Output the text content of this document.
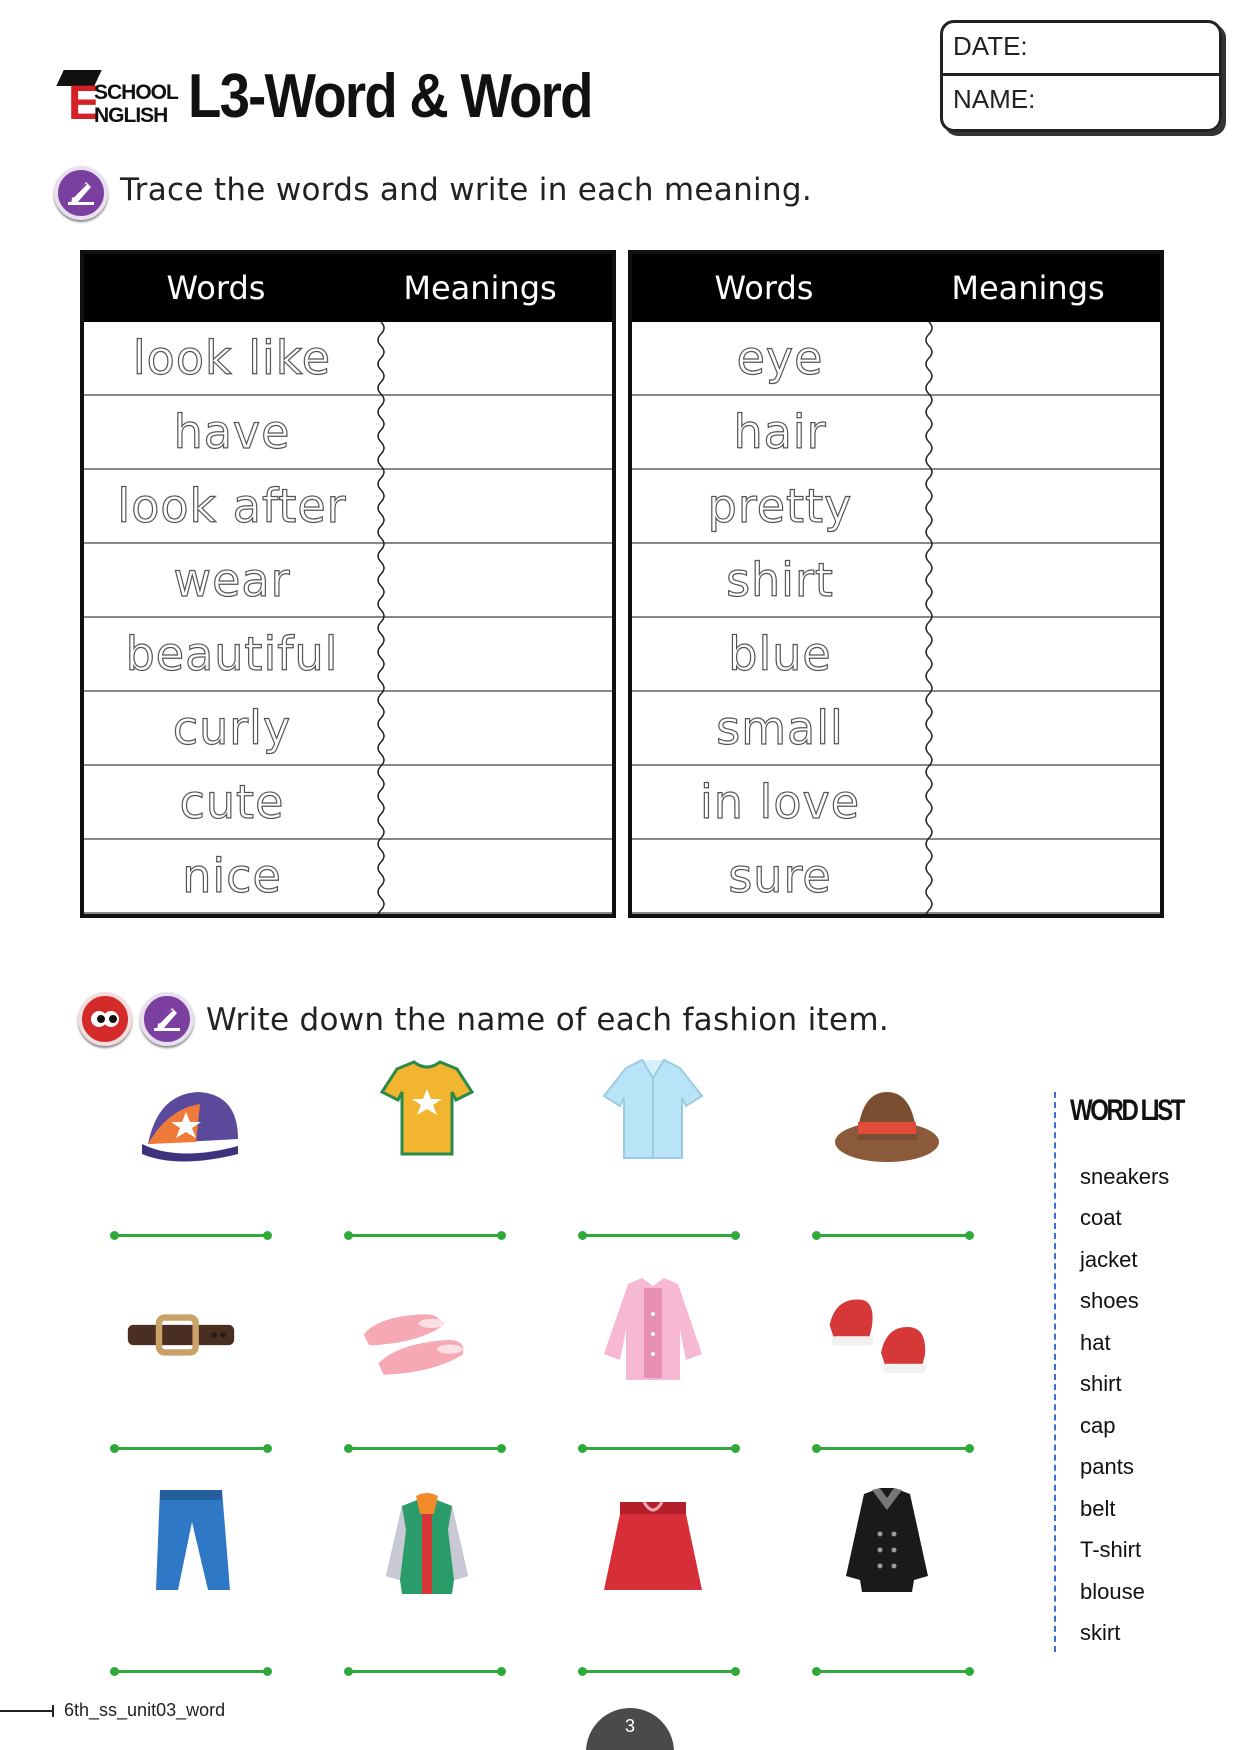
E
SCHOOL
NGLISH L3-Word & Word
DATE:
NAME:
Trace the words and write in each meaning.
Words	Meanings
look like
have
look after
wear
beautiful
curly
cute
nice
Words	Meanings
eye
hair
pretty
shirt
blue
small
in love
sure
Write down the name of each fashion item.
WORD LIST
sneakers
coat
jacket
shoes
hat
shirt
cap
pants
belt
T-shirt
blouse
skirt
6th_ss_unit03_word
3
